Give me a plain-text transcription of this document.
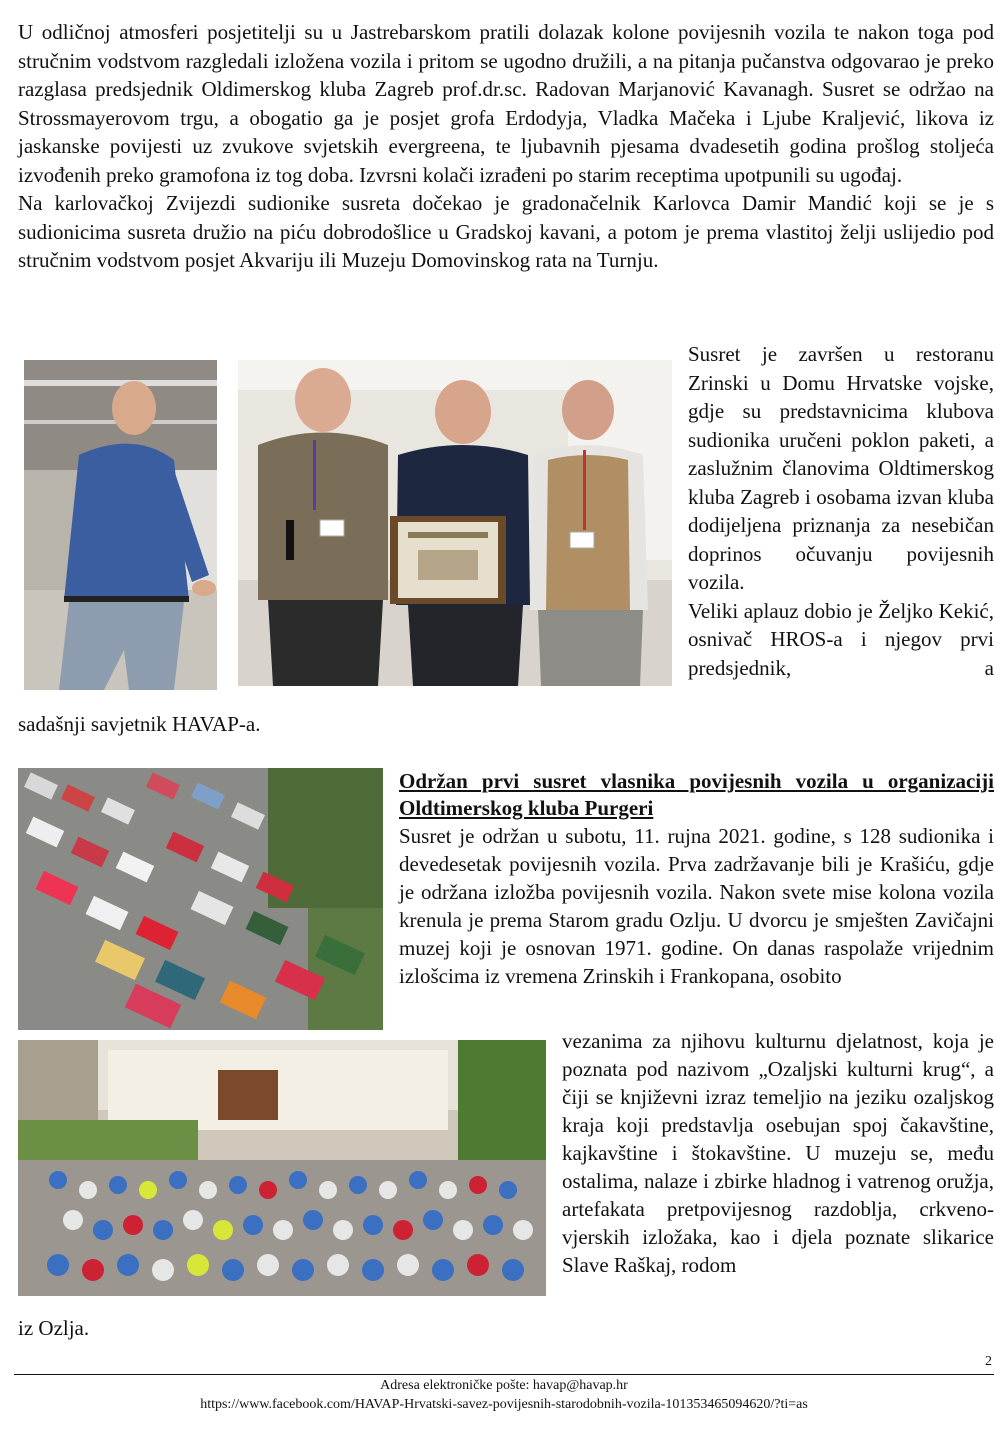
U odličnoj atmosferi posjetitelji su u Jastrebarskom pratili dolazak kolone povijesnih vozila te nakon toga pod stručnim vodstvom razgledali izložena vozila i pritom se ugodno družili, a na pitanja pučanstva odgovarao je preko razglasa predsjednik Oldimerskog kluba Zagreb prof.dr.sc. Radovan Marjanović Kavanagh. Susret se održao na Strossmayerovom trgu, a obogatio ga je posjet grofa Erdodyja, Vladka Mačeka i Ljube Kraljević, likova iz jaskanske povijesti uz zvukove svjetskih evergreena, te ljubavnih pjesama dvadesetih godina prošlog stoljeća izvođenih preko gramofona iz tog doba. Izvrsni kolači izrađeni po starim receptima upotpunili su ugođaj.

Na karlovačkoj Zvijezdi sudionike susreta dočekao je gradonačelnik Karlovca Damir Mandić koji se je s sudionicima susreta družio na piću dobrodošlice u Gradskoj kavani, a potom je prema vlastitoj želji uslijedio pod stručnim vodstvom posjet Akvariju ili Muzeju Domovinskog rata na Turnju.

Susret je završen u restoranu Zrinski u Domu Hrvatske vojske, gdje su predstavnicima klubova sudionika uručeni poklon paketi, a zaslužnim članovima Oldtimerskog kluba Zagreb i osobama izvan kluba dodijeljena priznanja za nesebičan doprinos očuvanju povijesnih vozila.

Veliki aplauz dobio je Željko Kekić, osnivač HROS-a i njegov prvi predsjednik, a

sadašnji savjetnik HAVAP-a.

Održan prvi susret vlasnika povijesnih vozila u organizaciji Oldtimerskog kluba Purgeri

Susret je održan u subotu, 11. rujna 2021. godine, s 128 sudionika i devedesetak povijesnih vozila. Prva zadržavanje bili je Krašiću, gdje je održana izložba povijesnih vozila. Nakon svete mise kolona vozila krenula je prema Starom gradu Ozlju. U dvorcu je smješten Zavičajni muzej koji je osnovan 1971. godine. On danas raspolaže vrijednim izlošcima iz vremena Zrinskih i Frankopana, osobito

vezanima za njihovu kulturnu djelatnost, koja je poznata pod nazivom „Ozaljski kulturni krug“, a čiji se književni izraz temeljio na jeziku ozaljskog kraja koji predstavlja osebujan spoj čakavštine, kajkavštine i štokavštine. U muzeju se, među ostalima, nalaze i zbirke hladnog i vatrenog oružja, artefakata pretpovijesnog razdoblja, crkveno-vjerskih izložaka, kao i djela poznate slikarice Slave Raškaj, rodom

iz Ozlja.

2
Adresa elektroničke pošte: havap@havap.hr
https://www.facebook.com/HAVAP-Hrvatski-savez-povijesnih-starodobnih-vozila-101353465094620/?ti=as
